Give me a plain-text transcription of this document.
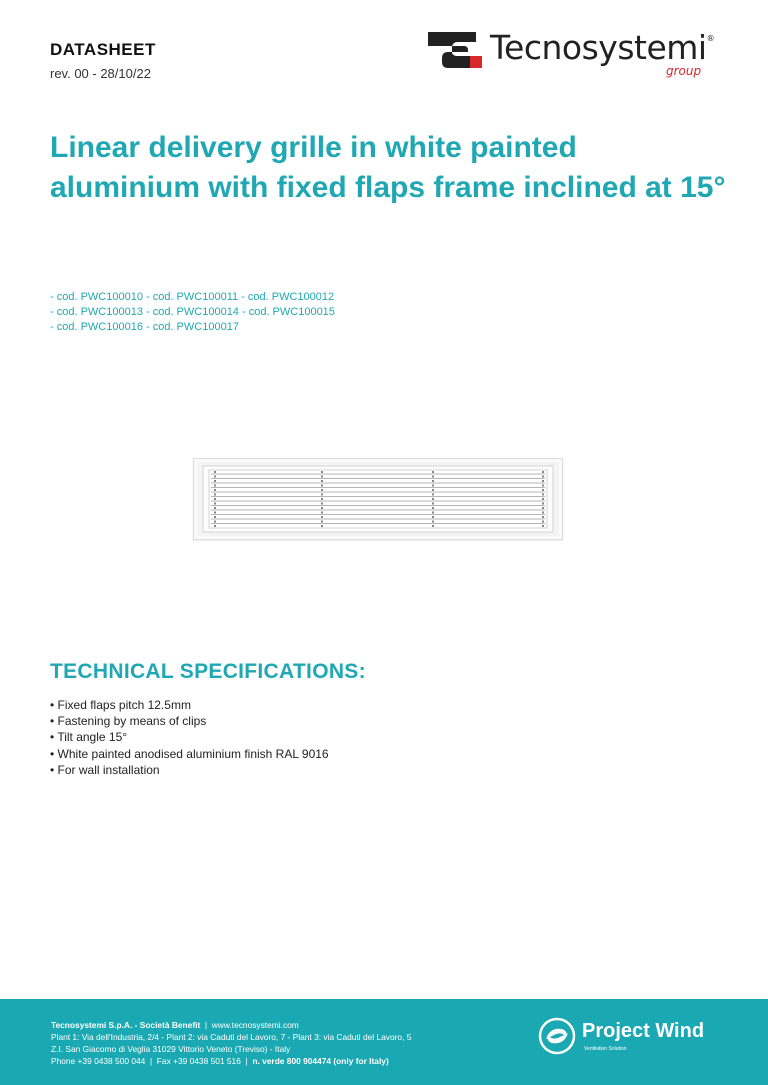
DATASHEET
rev. 00 - 28/10/22
Tecnosystemi®
group
Linear delivery grille in white painted aluminium with fixed flaps frame inclined at 15°
- cod. PWC100010 - cod. PWC100011 - cod. PWC100012
- cod. PWC100013 - cod. PWC100014 - cod. PWC100015
- cod. PWC100016 - cod. PWC100017
TECHNICAL SPECIFICATIONS:
• Fixed flaps pitch 12.5mm
• Fastening by means of clips
• Tilt angle 15°
• White painted anodised aluminium finish RAL 9016
• For wall installation
Tecnosystemi S.p.A. - Società Benefit  |  www.tecnosystemi.com
Plant 1: Via dell'Industria, 2/4 - Plant 2: via Caduti del Lavoro, 7 - Plant 3: via Caduti del Lavoro, 5
Z.I. San Giacomo di Veglia 31029 Vittorio Veneto (Treviso) - Italy
Phone +39 0438 500 044  |  Fax +39 0438 501 516  |  n. verde 800 904474 (only for Italy)
Project Wind
Ventilation Solution
